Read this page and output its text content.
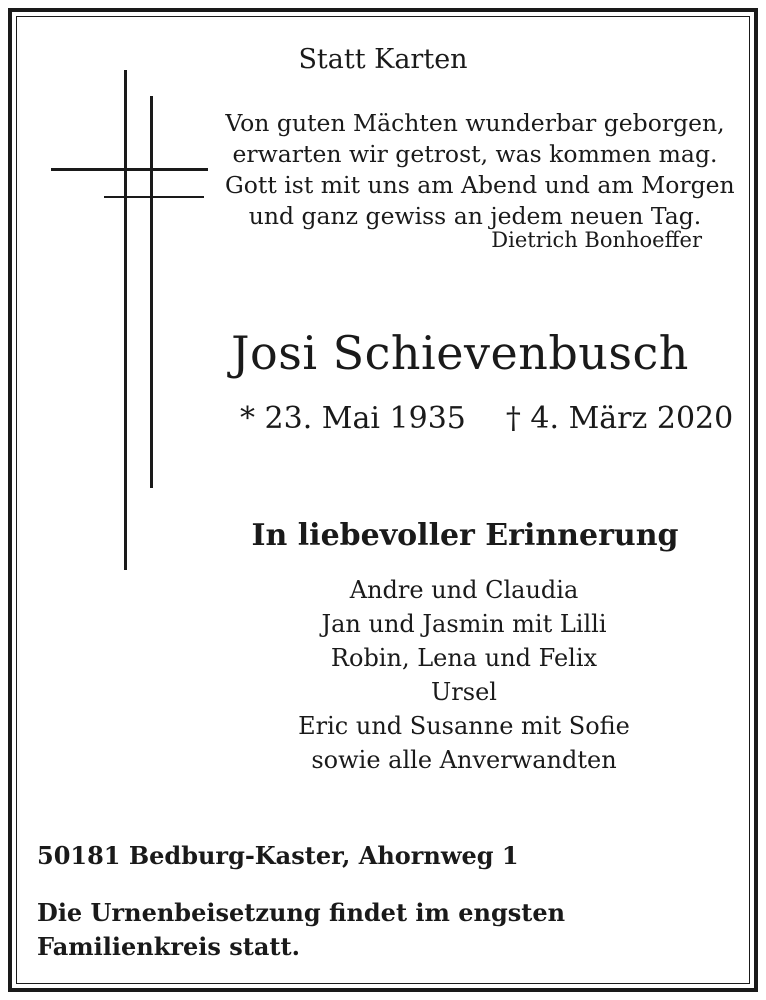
Statt Karten
Von guten Mächten wunderbar geborgen,
erwarten wir getrost, was kommen mag.
Gott ist mit uns am Abend und am Morgen
und ganz gewiss an jedem neuen Tag.
Dietrich Bonhoeffer
Josi Schievenbusch
* 23. Mai 1935 † 4. März 2020
In liebevoller Erinnerung
Andre und Claudia
Jan und Jasmin mit Lilli
Robin, Lena und Felix
Ursel
Eric und Susanne mit Sofie
sowie alle Anverwandten
50181 Bedburg-Kaster, Ahornweg 1
Die Urnenbeisetzung findet im engsten Familienkreis statt.
